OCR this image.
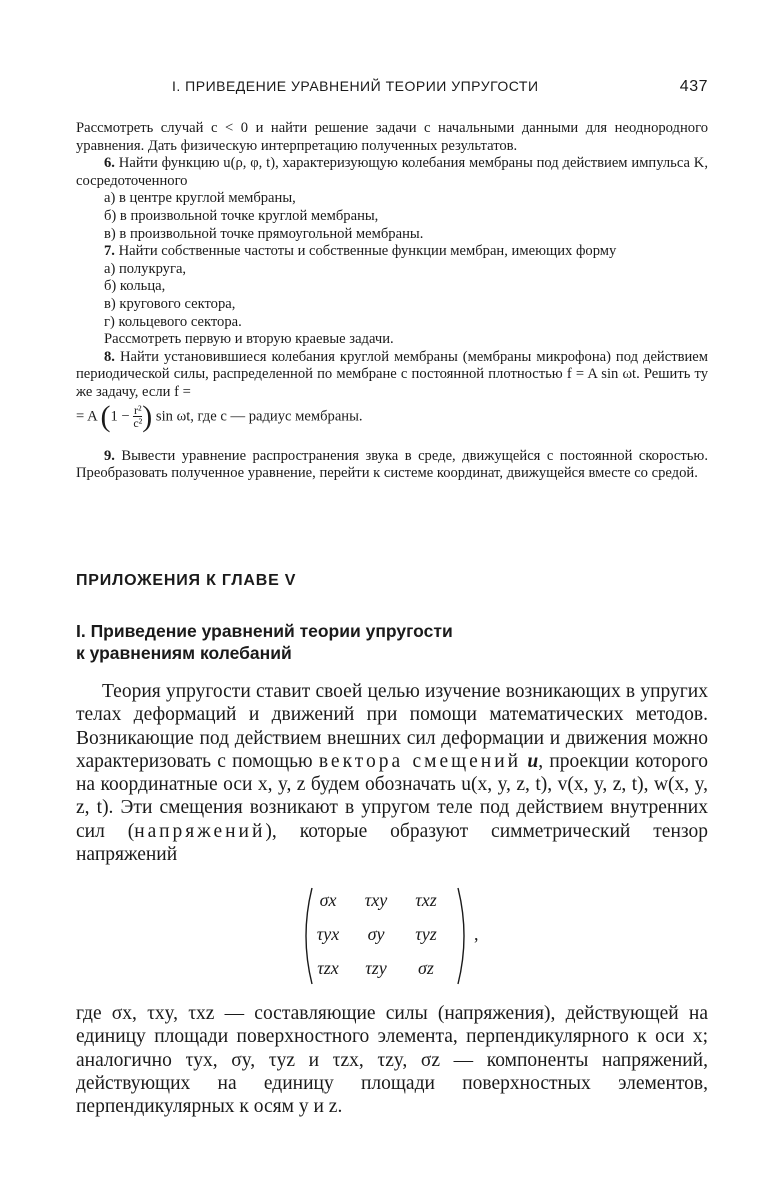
I. ПРИВЕДЕНИЕ УРАВНЕНИЙ ТЕОРИИ УПРУГОСТИ	437

Рассмотреть случай c < 0 и найти решение задачи с начальными данными для неоднородного уравнения. Дать физическую интерпретацию полученных результатов.

6. Найти функцию u(ρ, φ, t), характеризующую колебания мембраны под действием импульса K, сосредоточенного

а) в центре круглой мембраны,

б) в произвольной точке круглой мембраны,

в) в произвольной точке прямоугольной мембраны.

7. Найти собственные частоты и собственные функции мембран, имеющих форму

а) полукруга,

б) кольца,

в) кругового сектора,

г) кольцевого сектора.

Рассмотреть первую и вторую краевые задачи.

8. Найти установившиеся колебания круглой мембраны (мембраны микрофона) под действием периодической силы, распределенной по мембране с постоянной плотностью f = A sin ωt. Решить ту же задачу, если f =

= A ($1 - \frac{\text{r²}}{\text{c²}}$ ) sin ωt, где c — радиус мембраны.

9. Вывести уравнение распространения звука в среде, движущейся с постоянной скоростью. Преобразовать полученное уравнение, перейти к системе координат, движущейся вместе со средой.

ПРИЛОЖЕНИЯ К ГЛАВЕ V
I. Приведение уравнений теории упругости
к уравнениям колебаний

Теория упругости ставит своей целью изучение возникающих в упругих телах деформаций и движений при помощи математических методов. Возникающие под действием внешних сил деформации и движения можно характеризовать с помощью вектора смещений u, проекции которого на координатные оси x, y, z будем обозначать u(x, y, z, t), v(x, y, z, t), w(x, y, z, t). Эти смещения возникают в упругом теле под действием внутренних сил (напряжений), которые образуют симметрический тензор напряжений

σx	τxy	τxz
τyx	σy	τyz
τzx	τzy	σz
,

где σx, τxy, τxz — составляющие силы (напряжения), действующей на единицу площади поверхностного элемента, перпендикулярного к оси x; аналогично τyx, σy, τyz и τzx, τzy, σz — компоненты напряжений, действующих на единицу площади поверхностных элементов, перпендикулярных к осям y и z.
